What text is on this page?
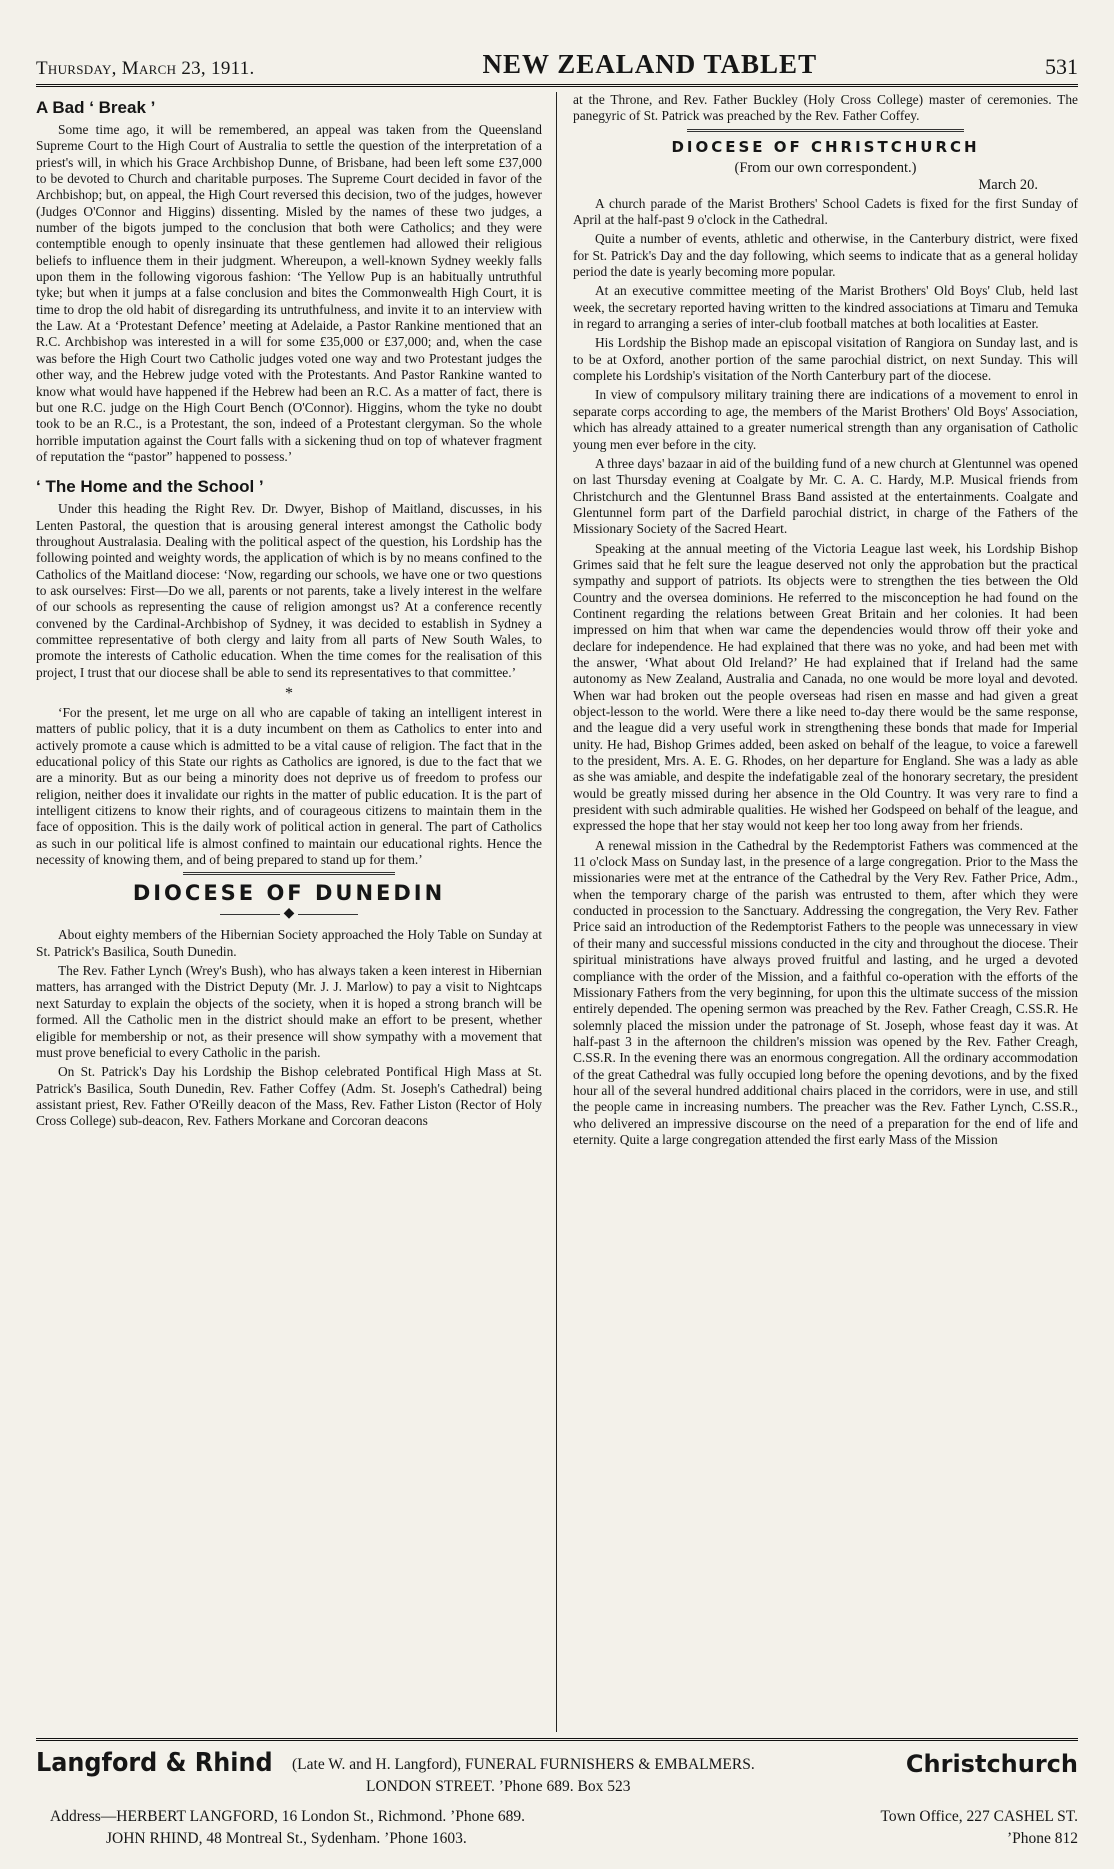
Thursday, March 23, 1911.	NEW ZEALAND TABLET	531
A Bad ‘ Break ’

Some time ago, it will be remembered, an appeal was taken from the Queensland Supreme Court to the High Court of Australia to settle the question of the interpretation of a priest's will, in which his Grace Archbishop Dunne, of Brisbane, had been left some £37,000 to be devoted to Church and charitable purposes. The Supreme Court decided in favor of the Archbishop; but, on appeal, the High Court reversed this decision, two of the judges, however (Judges O'Connor and Higgins) dissenting. Misled by the names of these two judges, a number of the bigots jumped to the conclusion that both were Catholics; and they were contemptible enough to openly insinuate that these gentlemen had allowed their religious beliefs to influence them in their judgment. Whereupon, a well-known Sydney weekly falls upon them in the following vigorous fashion: ‘The Yellow Pup is an habitually untruthful tyke; but when it jumps at a false conclusion and bites the Commonwealth High Court, it is time to drop the old habit of disregarding its untruthfulness, and invite it to an interview with the Law. At a ‘Protestant Defence’ meeting at Adelaide, a Pastor Rankine mentioned that an R.C. Archbishop was interested in a will for some £35,000 or £37,000; and, when the case was before the High Court two Catholic judges voted one way and two Protestant judges the other way, and the Hebrew judge voted with the Protestants. And Pastor Rankine wanted to know what would have happened if the Hebrew had been an R.C. As a matter of fact, there is but one R.C. judge on the High Court Bench (O'Connor). Higgins, whom the tyke no doubt took to be an R.C., is a Protestant, the son, indeed of a Protestant clergyman. So the whole horrible imputation against the Court falls with a sickening thud on top of whatever fragment of reputation the “pastor” happened to possess.’

‘ The Home and the School ’

Under this heading the Right Rev. Dr. Dwyer, Bishop of Maitland, discusses, in his Lenten Pastoral, the question that is arousing general interest amongst the Catholic body throughout Australasia. Dealing with the political aspect of the question, his Lordship has the following pointed and weighty words, the application of which is by no means confined to the Catholics of the Maitland diocese: ‘Now, regarding our schools, we have one or two questions to ask ourselves: First—Do we all, parents or not parents, take a lively interest in the welfare of our schools as representing the cause of religion amongst us? At a conference recently convened by the Cardinal-Archbishop of Sydney, it was decided to establish in Sydney a committee representative of both clergy and laity from all parts of New South Wales, to promote the interests of Catholic education. When the time comes for the realisation of this project, I trust that our diocese shall be able to send its representatives to that committee.’

*

‘For the present, let me urge on all who are capable of taking an intelligent interest in matters of public policy, that it is a duty incumbent on them as Catholics to enter into and actively promote a cause which is admitted to be a vital cause of religion. The fact that in the educational policy of this State our rights as Catholics are ignored, is due to the fact that we are a minority. But as our being a minority does not deprive us of freedom to profess our religion, neither does it invalidate our rights in the matter of public education. It is the part of intelligent citizens to know their rights, and of courageous citizens to maintain them in the face of opposition. This is the daily work of political action in general. The part of Catholics as such in our political life is almost confined to maintain our educational rights. Hence the necessity of knowing them, and of being prepared to stand up for them.’

DIOCESE OF DUNEDIN
◆

About eighty members of the Hibernian Society approached the Holy Table on Sunday at St. Patrick's Basilica, South Dunedin.

The Rev. Father Lynch (Wrey's Bush), who has always taken a keen interest in Hibernian matters, has arranged with the District Deputy (Mr. J. J. Marlow) to pay a visit to Nightcaps next Saturday to explain the objects of the society, when it is hoped a strong branch will be formed. All the Catholic men in the district should make an effort to be present, whether eligible for membership or not, as their presence will show sympathy with a movement that must prove beneficial to every Catholic in the parish.

On St. Patrick's Day his Lordship the Bishop celebrated Pontifical High Mass at St. Patrick's Basilica, South Dunedin, Rev. Father Coffey (Adm. St. Joseph's Cathedral) being assistant priest, Rev. Father O'Reilly deacon of the Mass, Rev. Father Liston (Rector of Holy Cross College) sub-deacon, Rev. Fathers Morkane and Corcoran deacons

at the Throne, and Rev. Father Buckley (Holy Cross College) master of ceremonies. The panegyric of St. Patrick was preached by the Rev. Father Coffey.

DIOCESE OF CHRISTCHURCH
(From our own correspondent.)
March 20.

A church parade of the Marist Brothers' School Cadets is fixed for the first Sunday of April at the half-past 9 o'clock in the Cathedral.

Quite a number of events, athletic and otherwise, in the Canterbury district, were fixed for St. Patrick's Day and the day following, which seems to indicate that as a general holiday period the date is yearly becoming more popular.

At an executive committee meeting of the Marist Brothers' Old Boys' Club, held last week, the secretary reported having written to the kindred associations at Timaru and Temuka in regard to arranging a series of inter-club football matches at both localities at Easter.

His Lordship the Bishop made an episcopal visitation of Rangiora on Sunday last, and is to be at Oxford, another portion of the same parochial district, on next Sunday. This will complete his Lordship's visitation of the North Canterbury part of the diocese.

In view of compulsory military training there are indications of a movement to enrol in separate corps according to age, the members of the Marist Brothers' Old Boys' Association, which has already attained to a greater numerical strength than any organisation of Catholic young men ever before in the city.

A three days' bazaar in aid of the building fund of a new church at Glentunnel was opened on last Thursday evening at Coalgate by Mr. C. A. C. Hardy, M.P. Musical friends from Christchurch and the Glentunnel Brass Band assisted at the entertainments. Coalgate and Glentunnel form part of the Darfield parochial district, in charge of the Fathers of the Missionary Society of the Sacred Heart.

Speaking at the annual meeting of the Victoria League last week, his Lordship Bishop Grimes said that he felt sure the league deserved not only the approbation but the practical sympathy and support of patriots. Its objects were to strengthen the ties between the Old Country and the oversea dominions. He referred to the misconception he had found on the Continent regarding the relations between Great Britain and her colonies. It had been impressed on him that when war came the dependencies would throw off their yoke and declare for independence. He had explained that there was no yoke, and had been met with the answer, ‘What about Old Ireland?’ He had explained that if Ireland had the same autonomy as New Zealand, Australia and Canada, no one would be more loyal and devoted. When war had broken out the people overseas had risen en masse and had given a great object-lesson to the world. Were there a like need to-day there would be the same response, and the league did a very useful work in strengthening these bonds that made for Imperial unity. He had, Bishop Grimes added, been asked on behalf of the league, to voice a farewell to the president, Mrs. A. E. G. Rhodes, on her departure for England. She was a lady as able as she was amiable, and despite the indefatigable zeal of the honorary secretary, the president would be greatly missed during her absence in the Old Country. It was very rare to find a president with such admirable qualities. He wished her Godspeed on behalf of the league, and expressed the hope that her stay would not keep her too long away from her friends.

A renewal mission in the Cathedral by the Redemptorist Fathers was commenced at the 11 o'clock Mass on Sunday last, in the presence of a large congregation. Prior to the Mass the missionaries were met at the entrance of the Cathedral by the Very Rev. Father Price, Adm., when the temporary charge of the parish was entrusted to them, after which they were conducted in procession to the Sanctuary. Addressing the congregation, the Very Rev. Father Price said an introduction of the Redemptorist Fathers to the people was unnecessary in view of their many and successful missions conducted in the city and throughout the diocese. Their spiritual ministrations have always proved fruitful and lasting, and he urged a devoted compliance with the order of the Mission, and a faithful co-operation with the efforts of the Missionary Fathers from the very beginning, for upon this the ultimate success of the mission entirely depended. The opening sermon was preached by the Rev. Father Creagh, C.SS.R. He solemnly placed the mission under the patronage of St. Joseph, whose feast day it was. At half-past 3 in the afternoon the children's mission was opened by the Rev. Father Creagh, C.SS.R. In the evening there was an enormous congregation. All the ordinary accommodation of the great Cathedral was fully occupied long before the opening devotions, and by the fixed hour all of the several hundred additional chairs placed in the corridors, were in use, and still the people came in increasing numbers. The preacher was the Rev. Father Lynch, C.SS.R., who delivered an impressive discourse on the need of a preparation for the end of life and eternity. Quite a large congregation attended the first early Mass of the Mission

Langford & Rhind (Late W. and H. Langford), FUNERAL FURNISHERS & EMBALMERS.
LONDON STREET. ’Phone 689. Box 523
Christchurch
Address—HERBERT LANGFORD, 16 London St., Richmond. ’Phone 689.
JOHN RHIND, 48 Montreal St., Sydenham. ’Phone 1603.
Town Office, 227 CASHEL ST.
’Phone 812
